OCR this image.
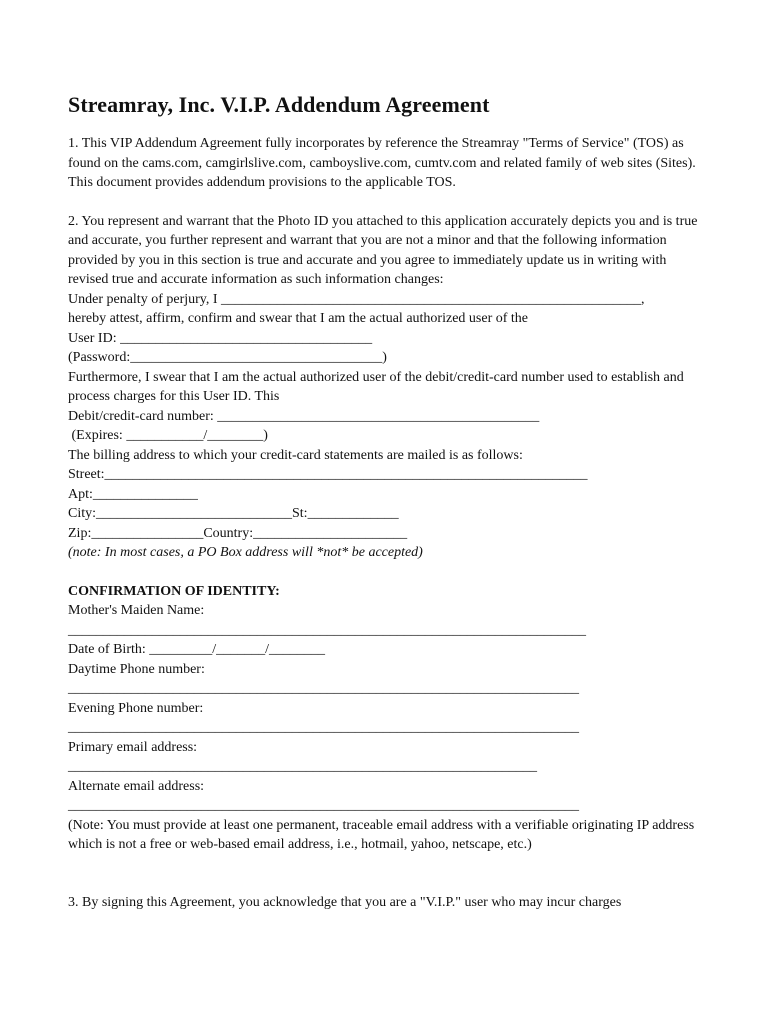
Streamray, Inc. V.I.P. Addendum Agreement

1. This VIP Addendum Agreement fully incorporates by reference the Streamray "Terms of Service" (TOS) as found on the cams.com, camgirlslive.com, camboyslive.com, cumtv.com and related family of web sites (Sites). This document provides addendum provisions to the applicable TOS.

2. You represent and warrant that the Photo ID you attached to this application accurately depicts you and is true and accurate, you further represent and warrant that you are not a minor and that the following information provided by you in this section is true and accurate and you agree to immediately update us in writing with revised true and accurate information as such information changes:

Under penalty of perjury, I ____________________________________________________________,
hereby attest, affirm, confirm and swear that I am the actual authorized user of the
User ID: ____________________________________
(Password:____________________________________)

Furthermore, I swear that I am the actual authorized user of the debit/credit-card number used to establish and process charges for this User ID. This

Debit/credit-card number: ______________________________________________
(Expires: ___________/________)
The billing address to which your credit-card statements are mailed is as follows:
Street:_____________________________________________________________________
Apt:_______________
City:____________________________St:_____________
Zip:________________Country:______________________
(note: In most cases, a PO Box address will *not* be accepted)
CONFIRMATION OF IDENTITY:
Mother's Maiden Name:
__________________________________________________________________________
Date of Birth: _________/_______/________
Daytime Phone number:
_________________________________________________________________________
Evening Phone number:
_________________________________________________________________________
Primary email address:
___________________________________________________________________
Alternate email address:
_________________________________________________________________________

(Note: You must provide at least one permanent, traceable email address with a verifiable originating IP address which is not a free or web-based email address, i.e., hotmail, yahoo, netscape, etc.)

3. By signing this Agreement, you acknowledge that you are a "V.I.P." user who may incur charges
